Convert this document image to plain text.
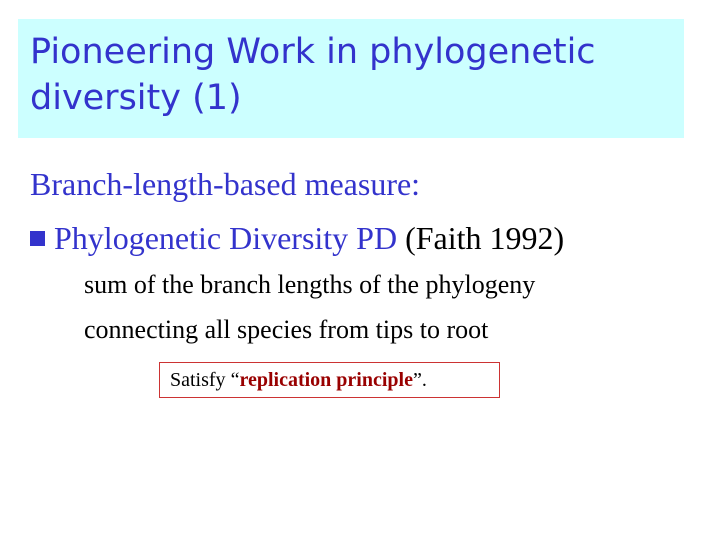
Pioneering Work in phylogenetic
diversity (1)
Branch-length-based measure:
Phylogenetic Diversity PD (Faith 1992)
sum of the branch lengths of the phylogeny
connecting all species from tips to root
Satisfy “replication principle”.
